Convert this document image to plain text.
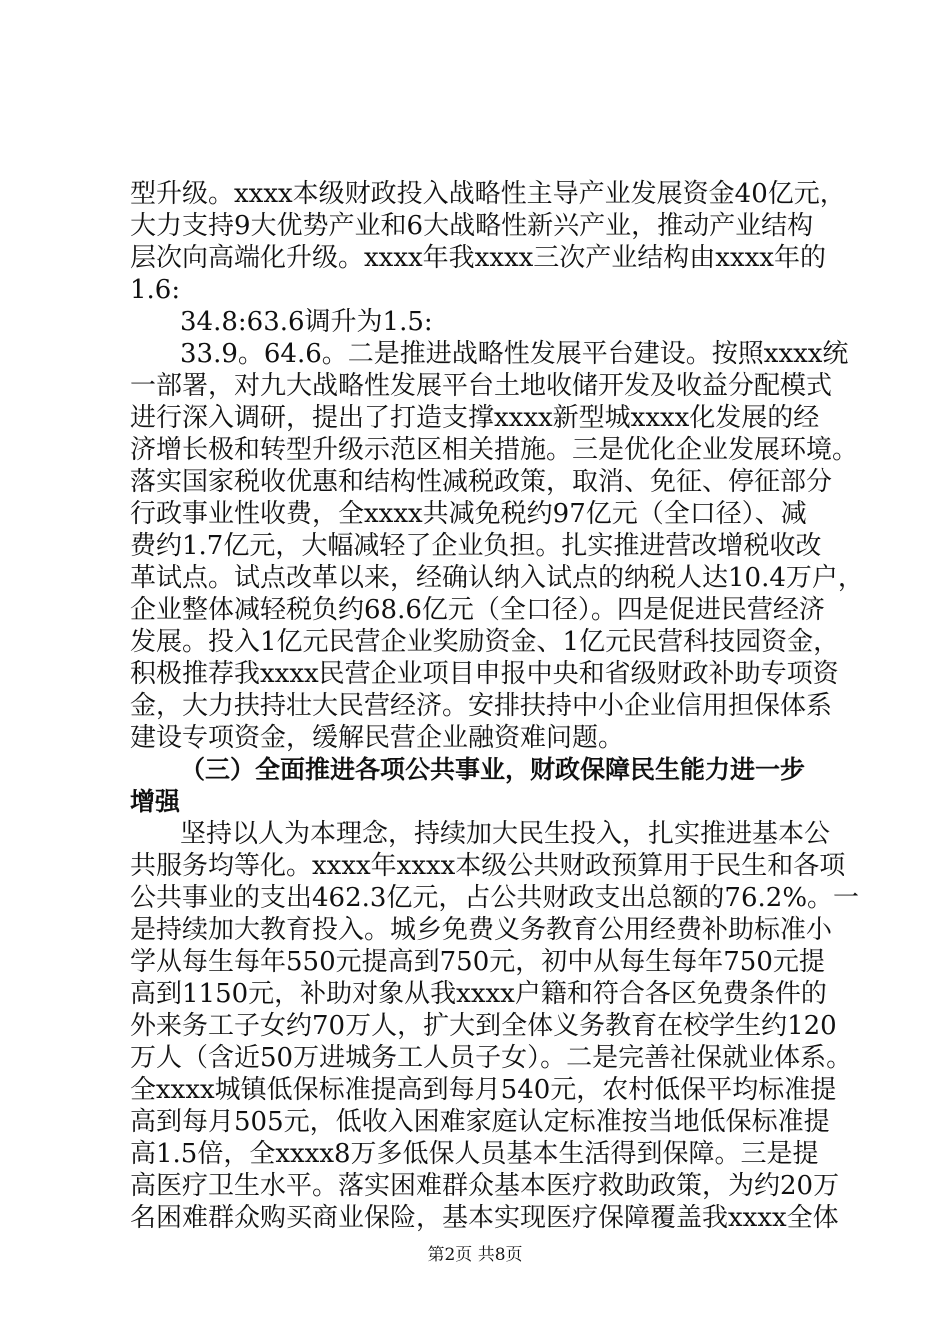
型升级。xxxx本级财政投入战略性主导产业发展资金40亿元，

大力支持9大优势产业和6大战略性新兴产业，推动产业结构

层次向高端化升级。xxxx年我xxxx三次产业结构由xxxx年的

1.6:

34.8:63.6调升为1.5:

33.9。64.6。二是推进战略性发展平台建设。按照xxxx统

一部署，对九大战略性发展平台土地收储开发及收益分配模式

进行深入调研，提出了打造支撑xxxx新型城xxxx化发展的经

济增长极和转型升级示范区相关措施。三是优化企业发展环境。

落实国家税收优惠和结构性减税政策，取消、免征、停征部分

行政事业性收费，全xxxx共减免税约97亿元（全口径）、减

费约1.7亿元，大幅减轻了企业负担。扎实推进营改增税收改

革试点。试点改革以来，经确认纳入试点的纳税人达10.4万户，

企业整体减轻税负约68.6亿元（全口径）。四是促进民营经济

发展。投入1亿元民营企业奖励资金、1亿元民营科技园资金，

积极推荐我xxxx民营企业项目申报中央和省级财政补助专项资

金，大力扶持壮大民营经济。安排扶持中小企业信用担保体系

建设专项资金，缓解民营企业融资难问题。

（三）全面推进各项公共事业，财政保障民生能力进一步

增强

坚持以人为本理念，持续加大民生投入，扎实推进基本公

共服务均等化。xxxx年xxxx本级公共财政预算用于民生和各项

公共事业的支出462.3亿元，占公共财政支出总额的76.2%。一

是持续加大教育投入。城乡免费义务教育公用经费补助标准小

学从每生每年550元提高到750元，初中从每生每年750元提

高到1150元，补助对象从我xxxx户籍和符合各区免费条件的

外来务工子女约70万人，扩大到全体义务教育在校学生约120

万人（含近50万进城务工人员子女）。二是完善社保就业体系。

全xxxx城镇低保标准提高到每月540元，农村低保平均标准提

高到每月505元，低收入困难家庭认定标准按当地低保标准提

高1.5倍，全xxxx8万多低保人员基本生活得到保障。三是提

高医疗卫生水平。落实困难群众基本医疗救助政策，为约20万

名困难群众购买商业保险，基本实现医疗保障覆盖我xxxx全体

第2页 共8页
